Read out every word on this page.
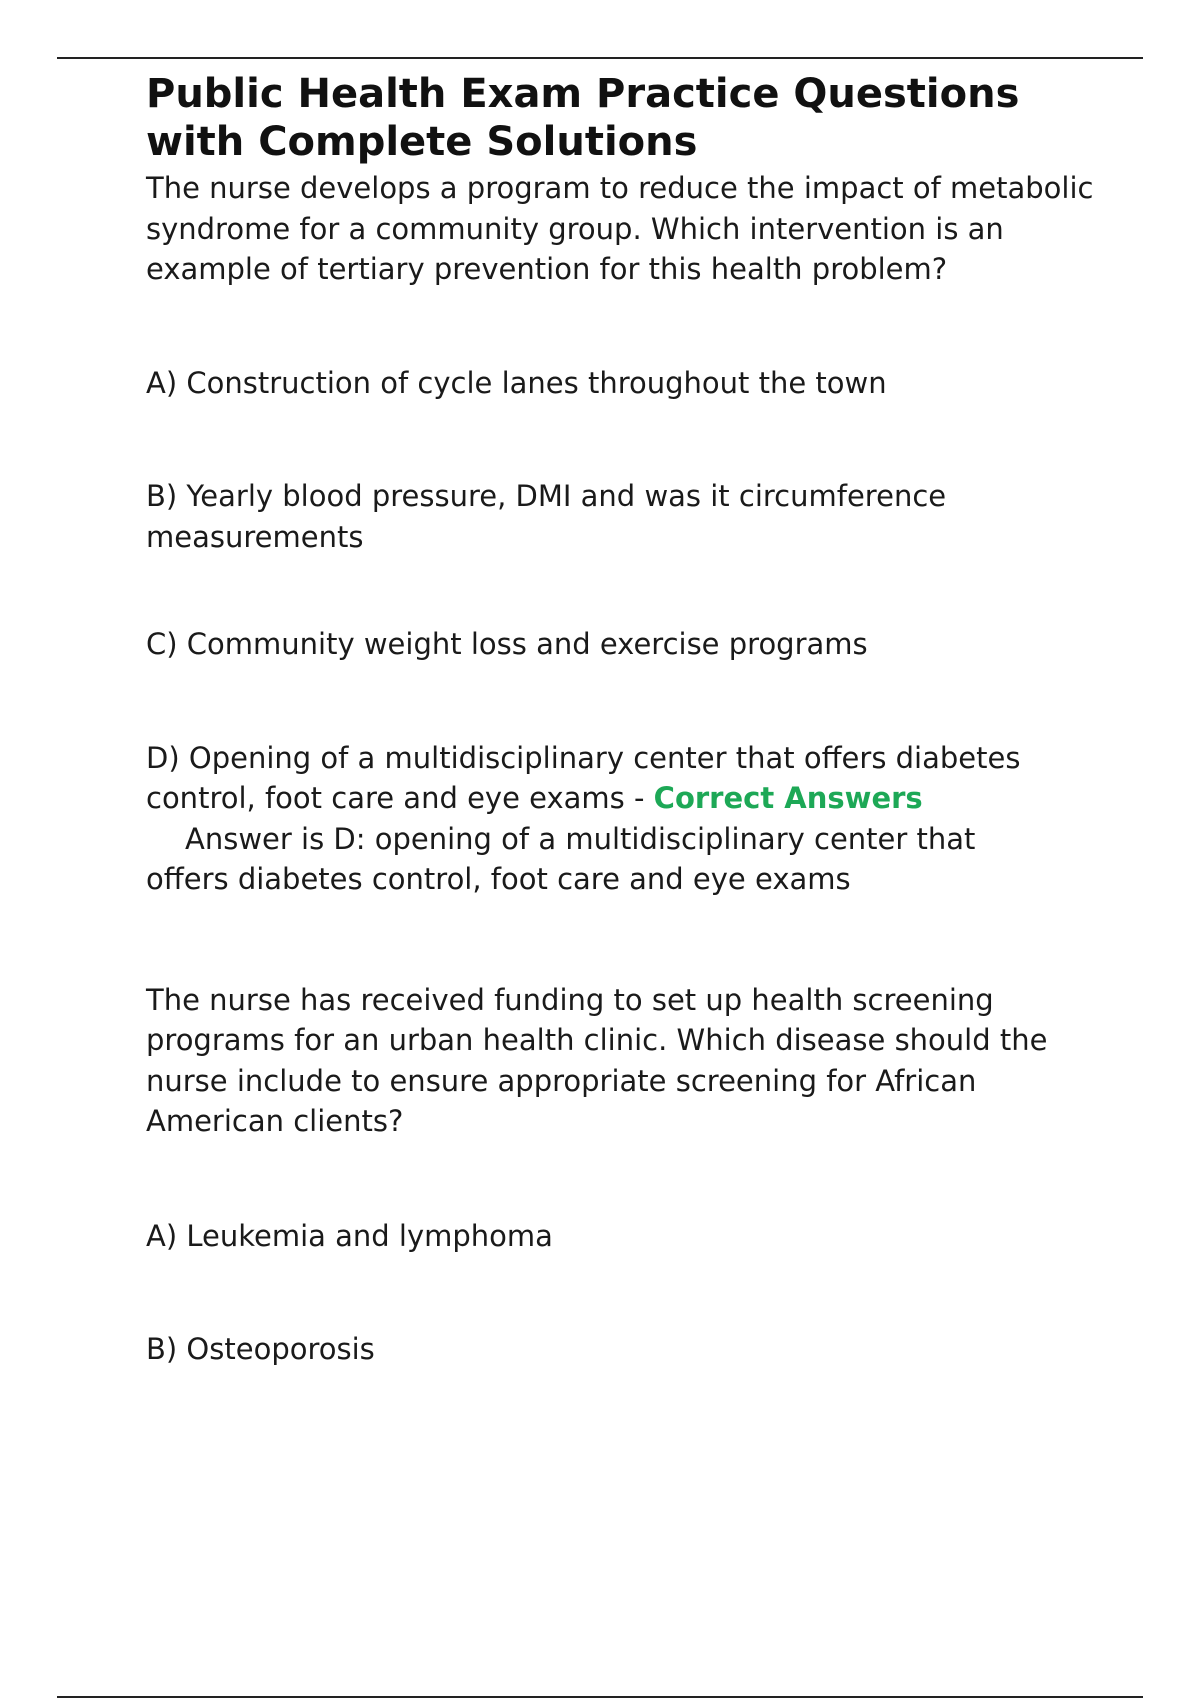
Public Health Exam Practice Questions with Complete Solutions

The nurse develops a program to reduce the impact of metabolic syndrome for a community group. Which intervention is an example of tertiary prevention for this health problem?

A) Construction of cycle lanes throughout the town

B) Yearly blood pressure, DMI and was it circumference measurements

C) Community weight loss and exercise programs

D) Opening of a multidisciplinary center that offers diabetes control, foot care and eye exams - Correct Answers

Answer is D: opening of a multidisciplinary center that

offers diabetes control, foot care and eye exams

The nurse has received funding to set up health screening programs for an urban health clinic. Which disease should the nurse include to ensure appropriate screening for African American clients?

A) Leukemia and lymphoma

B) Osteoporosis
